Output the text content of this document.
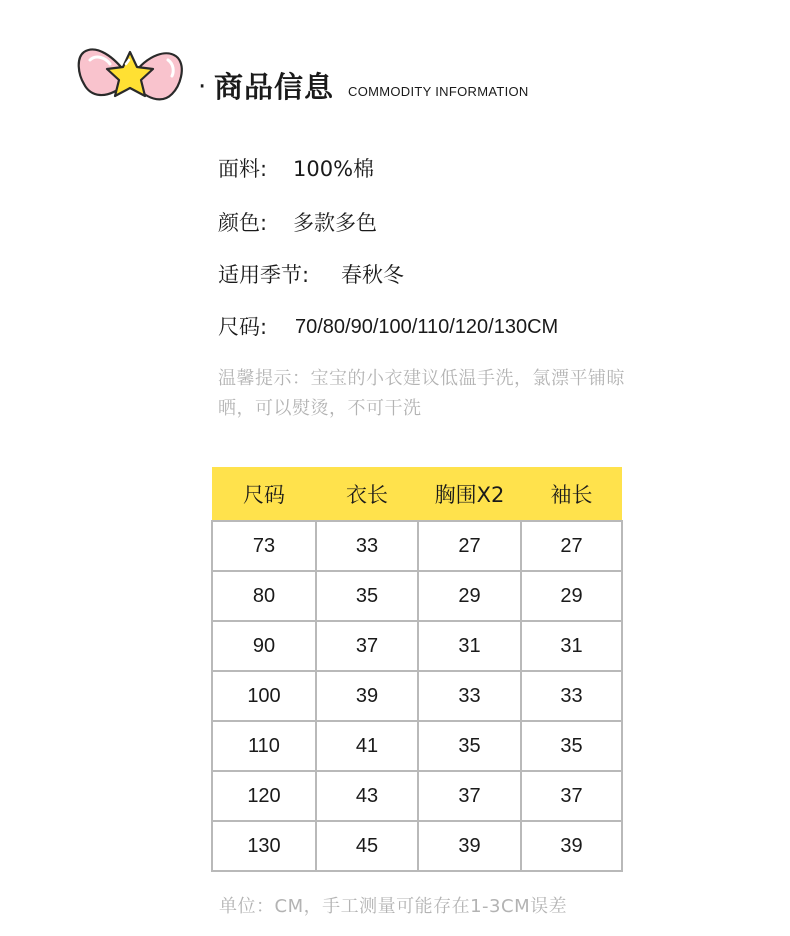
· 商品信息 COMMODITY INFORMATION
面料: 100%棉
颜色: 多款多色
适用季节: 春秋冬
尺码: 70/80/90/100/110/120/130CM
温馨提示：宝宝的小衣建议低温手洗，氯漂平铺晾晒，可以熨烫，不可干洗
尺码	衣长	胸围X2	袖长
73	33	27	27
80	35	29	29
90	37	31	31
100	39	33	33
110	41	35	35
120	43	37	37
130	45	39	39
单位：CM，手工测量可能存在1-3CM误差
